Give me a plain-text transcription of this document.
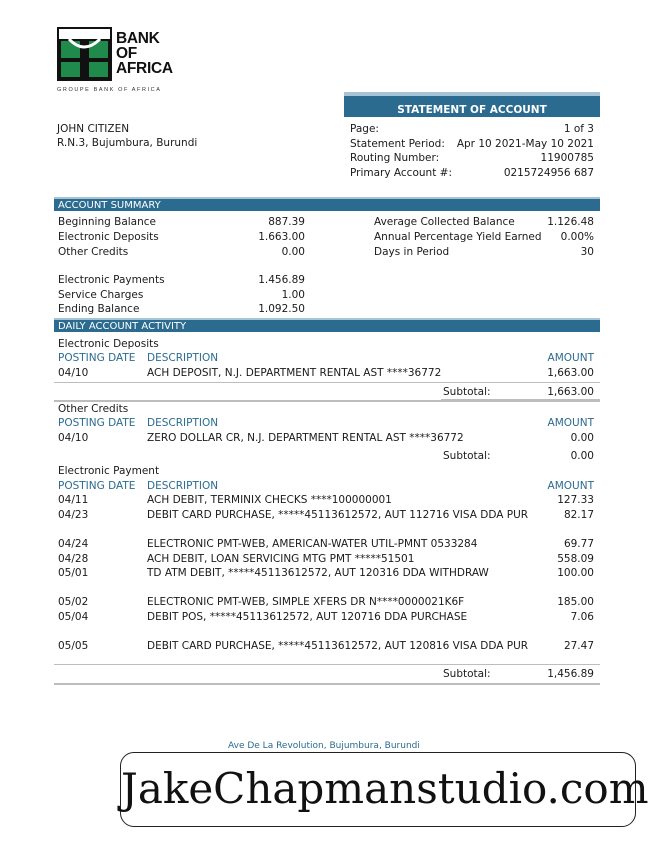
BANK
OF
AFRICA
GROUPE BANK OF AFRICA
STATEMENT OF ACCOUNT
JOHN CITIZEN
R.N.3, Bujumbura, Burundi
Page:	1 of 3
Statement Period: Apr 10 2021-May 10 2021
Routing Number:	11900785
Primary Account #:	0215724956 687
ACCOUNT SUMMARY
Beginning Balance	887.39
Electronic Deposits	1.663.00
Other Credits	0.00
Electronic Payments	1.456.89
Service Charges	1.00
Ending Balance	1.092.50
Average Collected Balance	1.126.48
Annual Percentage Yield Earned 0.00%
Days in Period	30
DAILY ACCOUNT ACTIVITY
Electronic Deposits
POSTING DATE DESCRIPTION	AMOUNT
04/10	ACH DEPOSIT, N.J. DEPARTMENT RENTAL AST ****36772	1,663.00
Subtotal:	1,663.00
Other Credits
POSTING DATE DESCRIPTION	AMOUNT
04/10	ZERO DOLLAR CR, N.J. DEPARTMENT RENTAL AST ****36772	0.00
Subtotal:	0.00
Electronic Payment
POSTING DATE DESCRIPTION	AMOUNT
04/11	ACH DEBIT, TERMINIX CHECKS ****100000001	127.33
04/23	DEBIT CARD PURCHASE, *****45113612572, AUT 112716 VISA DDA PUR	82.17
04/24	ELECTRONIC PMT-WEB, AMERICAN-WATER UTIL-PMNT 0533284	69.77
04/28	ACH DEBIT, LOAN SERVICING MTG PMT *****51501	558.09
05/01	TD ATM DEBIT, *****45113612572, AUT 120316 DDA WITHDRAW	100.00
05/02	ELECTRONIC PMT-WEB, SIMPLE XFERS DR N****0000021K6F	185.00
05/04	DEBIT POS, *****45113612572, AUT 120716 DDA PURCHASE	7.06
05/05	DEBIT CARD PURCHASE, *****45113612572, AUT 120816 VISA DDA PUR	27.47
Subtotal:	1,456.89
Ave De La Revolution, Bujumbura, Burundi
JakeChapmanstudio.com
